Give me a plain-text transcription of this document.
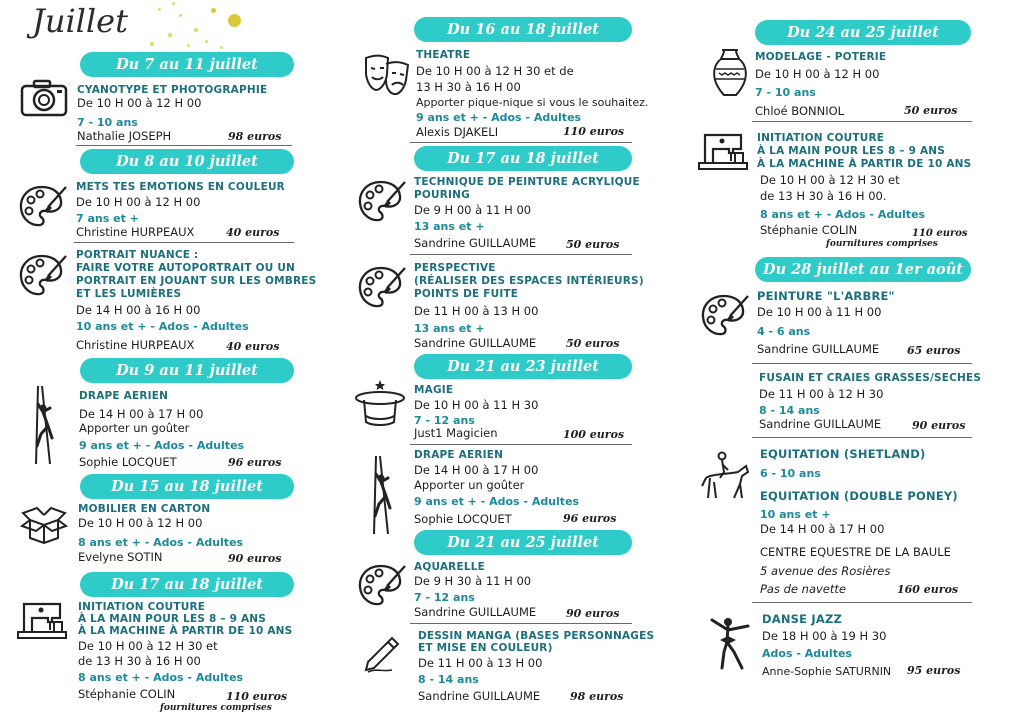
Juillet
Du 7 au 11 juillet
CYANOTYPE ET PHOTOGRAPHIE
De 10 H 00 à 12 H 00
7 - 10 ans
Nathalie JOSEPH	98 euros
Du 8 au 10 juillet
METS TES EMOTIONS EN COULEUR
De 10 H 00 à 12 H 00
7 ans et +
Christine HURPEAUX	40 euros
PORTRAIT NUANCE :
FAIRE VOTRE AUTOPORTRAIT OU UN
PORTRAIT EN JOUANT SUR LES OMBRES
ET LES LUMIÈRES
De 14 H 00 à 16 H 00
10 ans et + - Ados - Adultes
Christine HURPEAUX	40 euros
Du 9 au 11 juillet
DRAPE AERIEN
De 14 H 00 à 17 H 00
Apporter un goûter
9 ans et + - Ados - Adultes
Sophie LOCQUET	96 euros
Du 15 au 18 juillet
MOBILIER EN CARTON
De 10 H 00 à 12 H 00
8 ans et + - Ados - Adultes
Evelyne SOTIN	90 euros
Du 17 au 18 juillet
INITIATION COUTURE
À LA MAIN POUR LES 8 – 9 ANS
À LA MACHINE À PARTIR DE 10 ANS
De 10 H 00 à 12 H 30 et
de 13 H 30 à 16 H 00
8 ans et + - Ados - Adultes
Stéphanie COLIN	110 euros
fournitures comprises
Du 16 au 18 juillet
THEATRE
De 10 H 00 à 12 H 30 et de
13 H 30 à 16 H 00
Apporter pique-nique si vous le souhaitez.
9 ans et + - Ados - Adultes
Alexis DJAKELI	110 euros
Du 17 au 18 juillet
TECHNIQUE DE PEINTURE ACRYLIQUE
POURING
De 9 H 00 à 11 H 00
13 ans et +
Sandrine GUILLAUME	50 euros
PERSPECTIVE
(RÉALISER DES ESPACES INTÉRIEURS)
POINTS DE FUITE
De 11 H 00 à 13 H 00
13 ans et +
Sandrine GUILLAUME	50 euros
Du 21 au 23 juillet
MAGIE
De 10 H 00 à 11 H 30
7 - 12 ans
Just1 Magicien	100 euros
DRAPE AERIEN
De 14 H 00 à 17 H 00
Apporter un goûter
9 ans et + - Ados - Adultes
Sophie LOCQUET	96 euros
Du 21 au 25 juillet
AQUARELLE
De 9 H 30 à 11 H 00
7 - 12 ans
Sandrine GUILLAUME	90 euros
DESSIN MANGA (BASES PERSONNAGES
ET MISE EN COULEUR)
De 11 H 00 à 13 H 00
8 - 14 ans
Sandrine GUILLAUME	98 euros
Du 24 au 25 juillet
MODELAGE - POTERIE
De 10 H 00 à 12 H 00
7 - 10 ans
Chloé BONNIOL	50 euros
INITIATION COUTURE
À LA MAIN POUR LES 8 – 9 ANS
À LA MACHINE À PARTIR DE 10 ANS
De 10 H 00 à 12 H 30 et
de 13 H 30 à 16 H 00.
8 ans et + - Ados - Adultes
Stéphanie COLIN	110 euros
fournitures comprises
Du 28 juillet au 1er août
PEINTURE "L'ARBRE"
De 10 H 00 à 11 H 00
4 - 6 ans
Sandrine GUILLAUME	65 euros
FUSAIN ET CRAIES GRASSES/SECHES
De 11 H 00 à 12 H 30
8 - 14 ans
Sandrine GUILLAUME	90 euros
EQUITATION (SHETLAND)
6 - 10 ans
EQUITATION (DOUBLE PONEY)
10 ans et +
De 14 H 00 à 17 H 00
CENTRE EQUESTRE DE LA BAULE
5 avenue des Rosières
Pas de navette	160 euros
DANSE JAZZ
De 18 H 00 à 19 H 30
Ados - Adultes
Anne-Sophie SATURNIN 95 euros
